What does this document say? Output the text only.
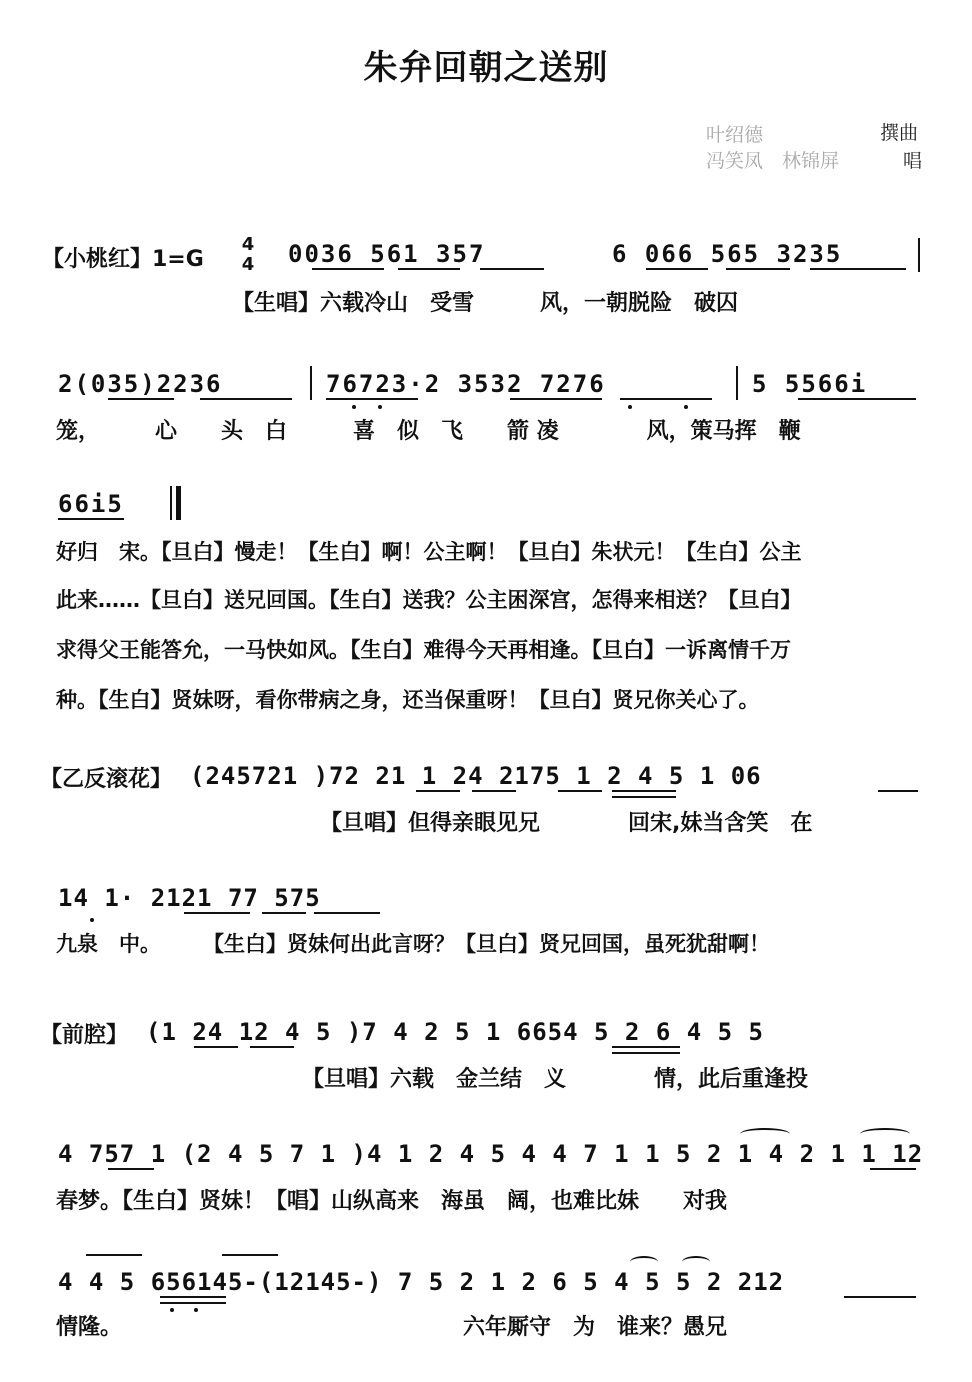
朱弁回朝之送别
叶绍德	撰曲
冯笑凤　林锦屏	唱
【小桃红】1=G
4
4 0036 561 357	6 066 565 3235
【生唱】六载冷山　受雪　　　风，一朝脱险　破囚
2(035)2236	76723·2 3532 7276	5 5566i
笼，　　　心　　头　白　　　喜　似　飞　　箭 凌　　　　风，策马挥　鞭
66i5
好归　宋。【旦白】慢走！【生白】啊！公主啊！【旦白】朱状元！【生白】公主
此来……【旦白】送兄回国。【生白】送我？公主困深宫，怎得来相送？【旦白】
求得父王能答允，一马快如风。【生白】难得今天再相逢。【旦白】一诉离情千万
种。【生白】贤妹呀，看你带病之身，还当保重呀！【旦白】贤兄你关心了。
【乙反滚花】 (245721 )72 21 1 24 2175 1 2 4 5 1 06
【旦唱】但得亲眼见兄　　　　回宋,妹当含笑　在
14 1· 2121 77 575
九泉　中。　　　【生白】贤妹何出此言呀？【旦白】贤兄回国，虽死犹甜啊！
【前腔】 (1 24 12 4 5 )7 4 2 5 1 6654 5 2 6 4 5 5
【旦唱】六载　金兰结　义　　　　情，此后重逢投
4 757 1 (2 4 5 7 1 )4 1 2 4 5 4 4 7 1 1 5 2 1 4 2 1 1 12
春梦。【生白】贤妹！【唱】山纵高来　海虽　阔，也难比妹　　对我
4 4 5 656145-(12145-) 7 5 2 1 2 6 5 4 5 5 2 212
情隆。　　　　　　　　　　　　　　　　六年厮守　为　谁来？愚兄
